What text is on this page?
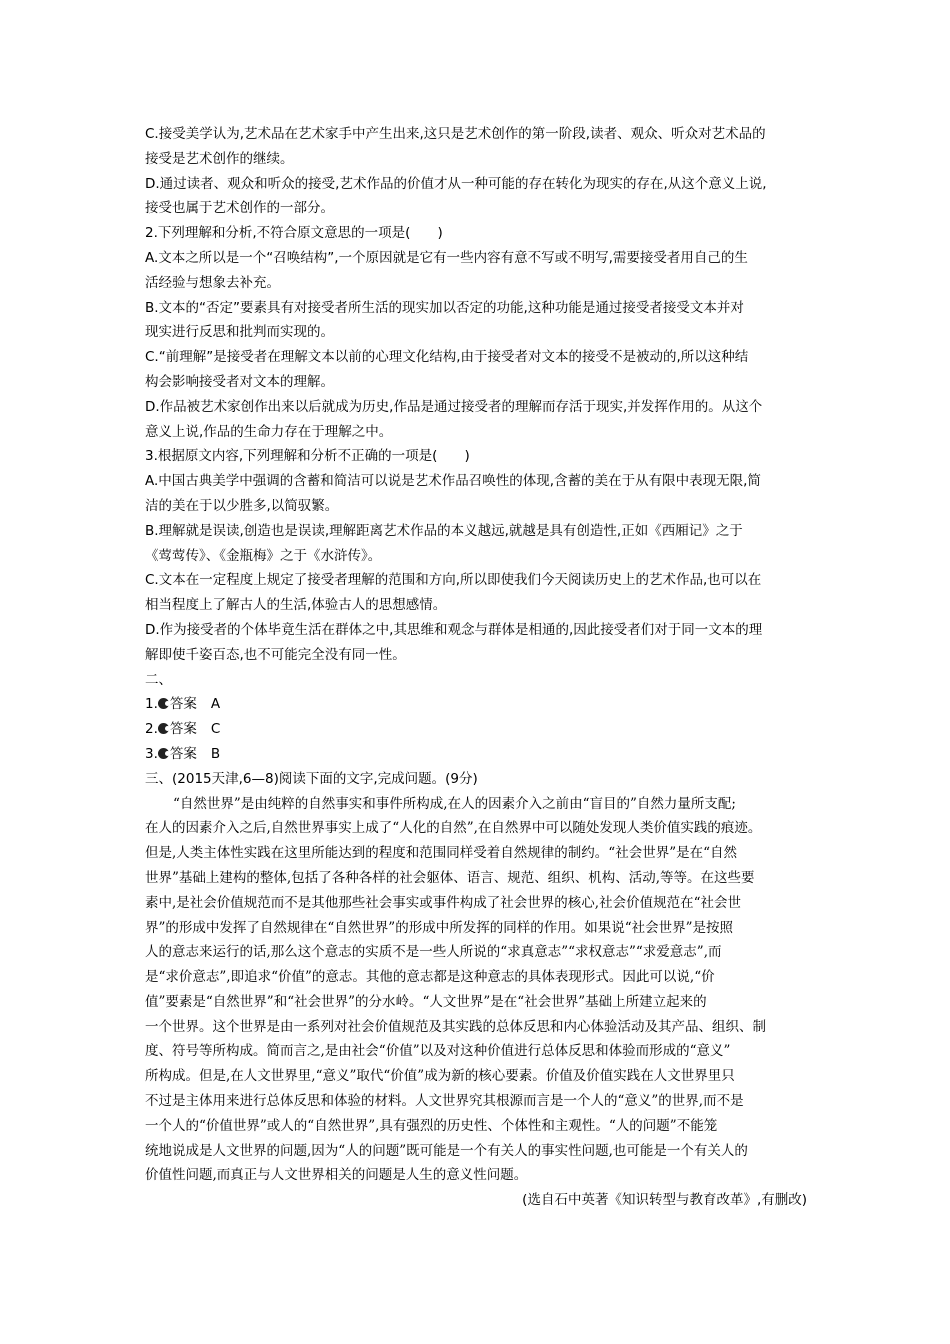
C.接受美学认为,艺术品在艺术家手中产生出来,这只是艺术创作的第一阶段,读者、观众、听众对艺术品的

接受是艺术创作的继续。

D.通过读者、观众和听众的接受,艺术作品的价值才从一种可能的存在转化为现实的存在,从这个意义上说,

接受也属于艺术创作的一部分。

2.下列理解和分析,不符合原文意思的一项是(　　)

A.文本之所以是一个“召唤结构”,一个原因就是它有一些内容有意不写或不明写,需要接受者用自己的生

活经验与想象去补充。

B.文本的“否定”要素具有对接受者所生活的现实加以否定的功能,这种功能是通过接受者接受文本并对

现实进行反思和批判而实现的。

C.“前理解”是接受者在理解文本以前的心理文化结构,由于接受者对文本的接受不是被动的,所以这种结

构会影响接受者对文本的理解。

D.作品被艺术家创作出来以后就成为历史,作品是通过接受者的理解而存活于现实,并发挥作用的。从这个

意义上说,作品的生命力存在于理解之中。

3.根据原文内容,下列理解和分析不正确的一项是(　　)

A.中国古典美学中强调的含蓄和简洁可以说是艺术作品召唤性的体现,含蓄的美在于从有限中表现无限,简

洁的美在于以少胜多,以简驭繁。

B.理解就是误读,创造也是误读,理解距离艺术作品的本义越远,就越是具有创造性,正如《西厢记》之于

《莺莺传》、《金瓶梅》之于《水浒传》。

C.文本在一定程度上规定了接受者理解的范围和方向,所以即使我们今天阅读历史上的艺术作品,也可以在

相当程度上了解古人的生活,体验古人的思想感情。

D.作为接受者的个体毕竟生活在群体之中,其思维和观念与群体是相通的,因此接受者们对于同一文本的理

解即使千姿百态,也不可能完全没有同一性。

二、

1. 答案 A

2. 答案 C

3. 答案 B

三、(2015天津,6—8)阅读下面的文字,完成问题。(9分)

“自然世界”是由纯粹的自然事实和事件所构成,在人的因素介入之前由“盲目的”自然力量所支配;

在人的因素介入之后,自然世界事实上成了“人化的自然”,在自然界中可以随处发现人类价值实践的痕迹。

但是,人类主体性实践在这里所能达到的程度和范围同样受着自然规律的制约。“社会世界”是在“自然

世界”基础上建构的整体,包括了各种各样的社会躯体、语言、规范、组织、机构、活动,等等。在这些要

素中,是社会价值规范而不是其他那些社会事实或事件构成了社会世界的核心,社会价值规范在“社会世

界”的形成中发挥了自然规律在“自然世界”的形成中所发挥的同样的作用。如果说“社会世界”是按照

人的意志来运行的话,那么这个意志的实质不是一些人所说的“求真意志”“求权意志”“求爱意志”,而

是“求价意志”,即追求“价值”的意志。其他的意志都是这种意志的具体表现形式。因此可以说,“价

值”要素是“自然世界”和“社会世界”的分水岭。“人文世界”是在“社会世界”基础上所建立起来的

一个世界。这个世界是由一系列对社会价值规范及其实践的总体反思和内心体验活动及其产品、组织、制

度、符号等所构成。简而言之,是由社会“价值”以及对这种价值进行总体反思和体验而形成的“意义”

所构成。但是,在人文世界里,“意义”取代“价值”成为新的核心要素。价值及价值实践在人文世界里只

不过是主体用来进行总体反思和体验的材料。人文世界究其根源而言是一个人的“意义”的世界,而不是

一个人的“价值世界”或人的“自然世界”,具有强烈的历史性、个体性和主观性。“人的问题”不能笼

统地说成是人文世界的问题,因为“人的问题”既可能是一个有关人的事实性问题,也可能是一个有关人的

价值性问题,而真正与人文世界相关的问题是人生的意义性问题。

(选自石中英著《知识转型与教育改革》,有删改)
